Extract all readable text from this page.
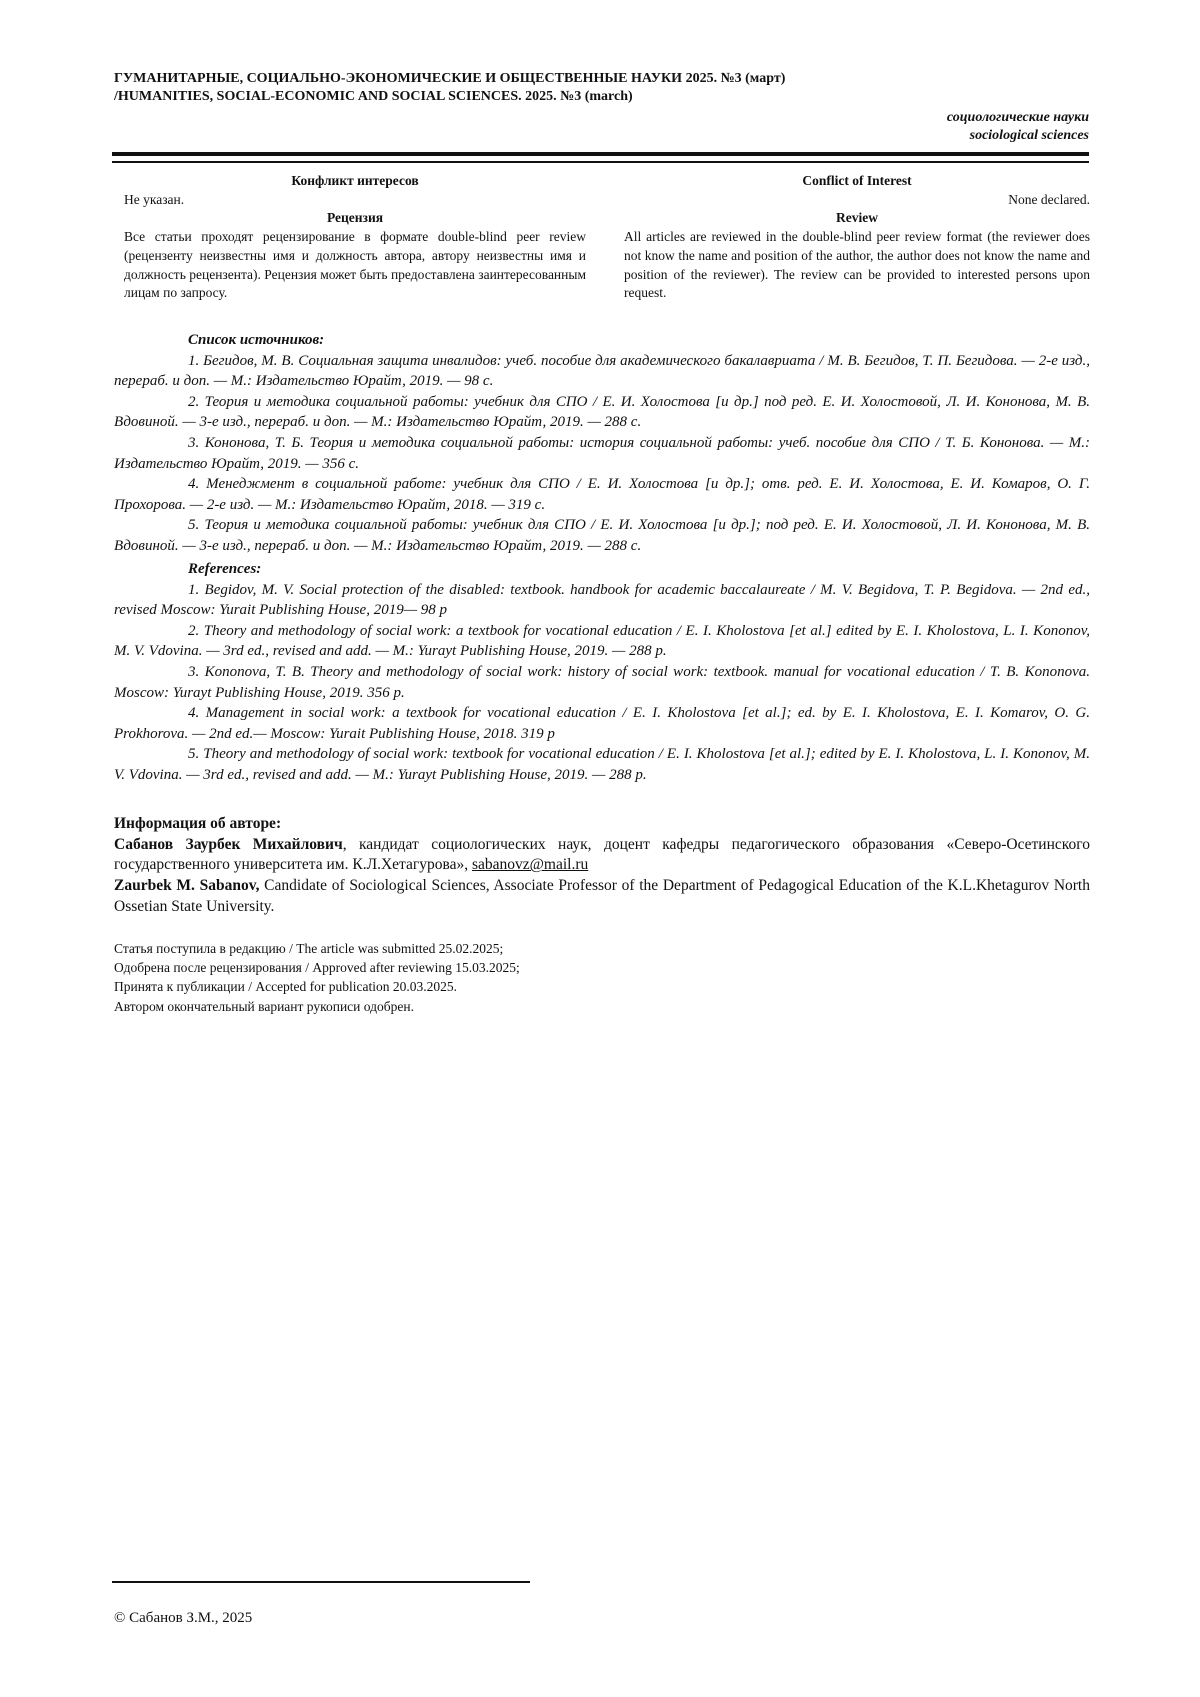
ГУМАНИТАРНЫЕ, СОЦИАЛЬНО-ЭКОНОМИЧЕСКИЕ И ОБЩЕСТВЕННЫЕ НАУКИ 2025. №3 (март)
/HUMANITIES, SOCIAL-ECONOMIC AND SOCIAL SCIENCES. 2025. №3 (march)
социологические науки
sociological sciences
Конфликт интересов
Не указан.
Рецензия
Все статьи проходят рецензирование в формате double-blind peer review (рецензенту неизвестны имя и должность автора, автору неизвестны имя и должность рецензента). Рецензия может быть предоставлена заинтересованным лицам по запросу.
Conflict of Interest
None declared.
Review
All articles are reviewed in the double-blind peer review format (the reviewer does not know the name and position of the author, the author does not know the name and position of the reviewer). The review can be provided to interested persons upon request.
Список источников:

1. Бегидов, М. В. Социальная защита инвалидов: учеб. пособие для академического бакалавриата / М. В. Бегидов, Т. П. Бегидова. — 2-е изд., перераб. и доп. — М.: Издательство Юрайт, 2019. — 98 с.

2. Теория и методика социальной работы: учебник для СПО / Е. И. Холостова [и др.] под ред. Е. И. Холостовой, Л. И. Кононова, М. В. Вдовиной. — 3-е изд., перераб. и доп. — М.: Издательство Юрайт, 2019. — 288 с.

3. Кононова, Т. Б. Теория и методика социальной работы: история социальной работы: учеб. пособие для СПО / Т. Б. Кононова. — М.: Издательство Юрайт, 2019. — 356 с.

4. Менеджмент в социальной работе: учебник для СПО / Е. И. Холостова [и др.]; отв. ред. Е. И. Холостова, Е. И. Комаров, О. Г. Прохорова. — 2-е изд. — М.: Издательство Юрайт, 2018. — 319 с.

5. Теория и методика социальной работы: учебник для СПО / Е. И. Холостова [и др.]; под ред. Е. И. Холостовой, Л. И. Кононова, М. В. Вдовиной. — 3-е изд., перераб. и доп. — М.: Издательство Юрайт, 2019. — 288 с.

References:

1. Begidov, M. V. Social protection of the disabled: textbook. handbook for academic baccalaureate / M. V. Begidova, T. P. Begidova. — 2nd ed., revised Moscow: Yurait Publishing House, 2019— 98 p

2. Theory and methodology of social work: a textbook for vocational education / E. I. Kholostova [et al.] edited by E. I. Kholostova, L. I. Kononov, M. V. Vdovina. — 3rd ed., revised and add. — M.: Yurayt Publishing House, 2019. — 288 p.

3. Kononova, T. B. Theory and methodology of social work: history of social work: textbook. manual for vocational education / T. B. Kononova. Moscow: Yurayt Publishing House, 2019. 356 p.

4. Management in social work: a textbook for vocational education / E. I. Kholostova [et al.]; ed. by E. I. Kholostova, E. I. Komarov, O. G. Prokhorova. — 2nd ed.— Moscow: Yurait Publishing House, 2018. 319 p

5. Theory and methodology of social work: textbook for vocational education / E. I. Kholostova [et al.]; edited by E. I. Kholostova, L. I. Kononov, M. V. Vdovina. — 3rd ed., revised and add. — M.: Yurayt Publishing House, 2019. — 288 p.

Информация об авторе:

Сабанов Заурбек Михайлович, кандидат социологических наук, доцент кафедры педагогического образования «Северо-Осетинского государственного университета им. К.Л.Хетагурова», sabanovz@mail.ru

Zaurbek M. Sabanov, Candidate of Sociological Sciences, Associate Professor of the Department of Pedagogical Education of the K.L.Khetagurov North Ossetian State University.

Статья поступила в редакцию / The article was submitted 25.02.2025;
Одобрена после рецензирования / Approved after reviewing 15.03.2025;
Принята к публикации / Accepted for publication 20.03.2025.
Автором окончательный вариант рукописи одобрен.
© Сабанов З.М., 2025
